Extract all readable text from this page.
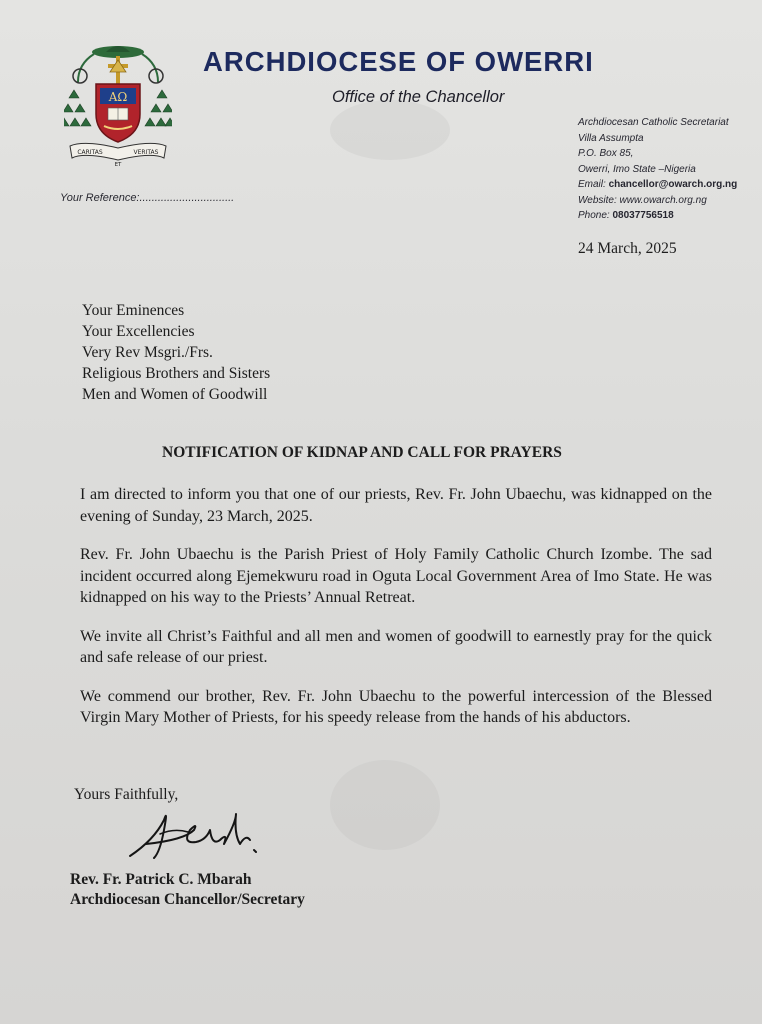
AΩ
CARITAS	VERITAS
ET
ARCHDIOCESE OF OWERRI
Office of the Chancellor
Archdiocesan Catholic Secretariat
Villa Assumpta
P.O. Box 85,
Owerri, Imo State –Nigeria
Email: chancellor@owarch.org.ng
Website: www.owarch.org.ng
Phone: 08037756518
Your Reference:...............................
24 March, 2025
Your Eminences
Your Excellencies
Very Rev Msgri./Frs.
Religious Brothers and Sisters
Men and Women of Goodwill
NOTIFICATION OF KIDNAP AND CALL FOR PRAYERS

I am directed to inform you that one of our priests, Rev. Fr. John Ubaechu, was kidnapped on the evening of Sunday, 23 March, 2025.

Rev. Fr. John Ubaechu is the Parish Priest of Holy Family Catholic Church Izombe. The sad incident occurred along Ejemekwuru road in Oguta Local Government Area of Imo State. He was kidnapped on his way to the Priests’ Annual Retreat.

We invite all Christ’s Faithful and all men and women of goodwill to earnestly pray for the quick and safe release of our priest.

We commend our brother, Rev. Fr. John Ubaechu to the powerful intercession of the Blessed Virgin Mary Mother of Priests, for his speedy release from the hands of his abductors.

Yours Faithfully,
Rev. Fr. Patrick C. Mbarah
Archdiocesan Chancellor/Secretary
